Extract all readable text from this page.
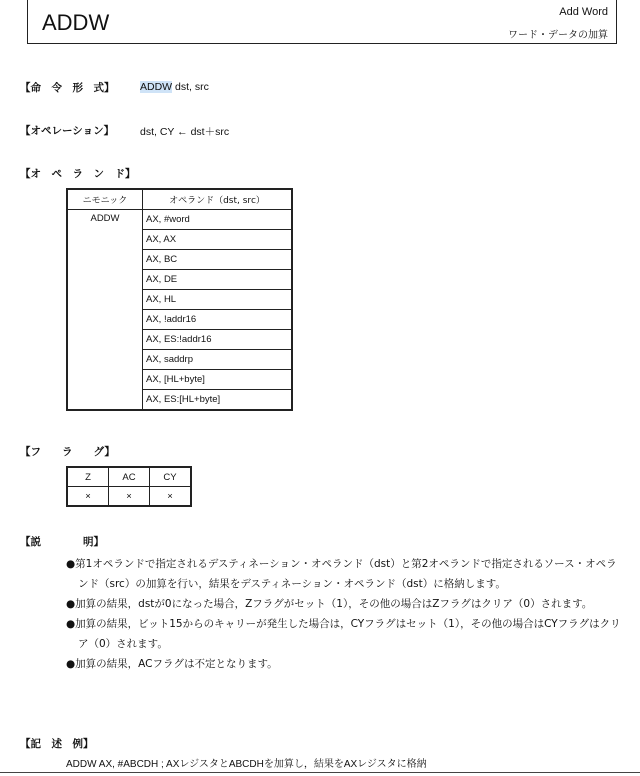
ADDW	Add Word
ワード・データの加算
【命　令　形　式】 ADDW dst, src
【オペレーション】 dst, CY ← dst＋src
【オ　ペ　ラ　ン　ド】
ニモニック	オペランド（dst, src）
ADDW	AX, #word
	AX, AX
	AX, BC
	AX, DE
	AX, HL
	AX, !addr16
	AX, ES:!addr16
	AX, saddrp
	AX, [HL+byte]
	AX, ES:[HL+byte]
【フ　　ラ　　グ】
Z	AC	CY
×	×	×
【説　　　　明】

●第1オペランドで指定されるデスティネーション・オペランド（dst）と第2オペランドで指定されるソース・オペランド（src）の加算を行い，結果をデスティネーション・オペランド（dst）に格納します。

●加算の結果，dstが0になった場合，Zフラグがセット（1），その他の場合はZフラグはクリア（0）されます。

●加算の結果，ビット15からのキャリーが発生した場合は，CYフラグはセット（1），その他の場合はCYフラグはクリア（0）されます。

●加算の結果，ACフラグは不定となります。

【記　述　例】
ADDW AX, #ABCDH ; AXレジスタとABCDHを加算し，結果をAXレジスタに格納
